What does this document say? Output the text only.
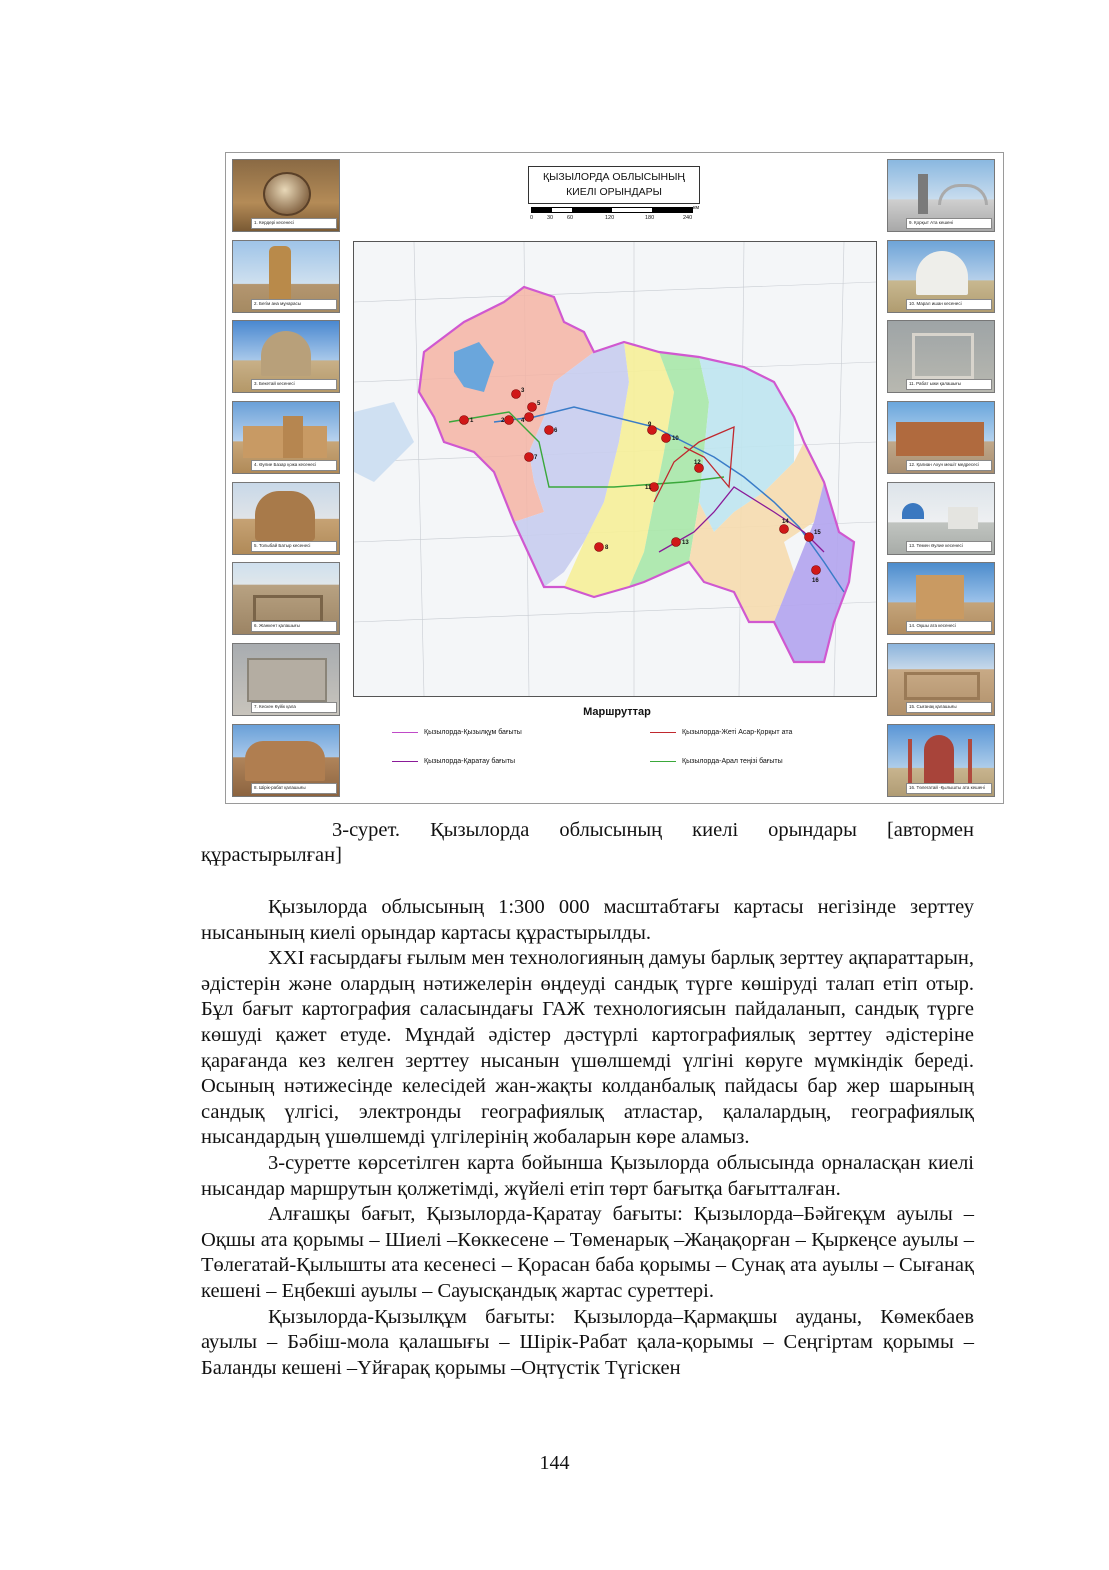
1. Кердері кесенесі
2. Бегім ана мұнарасы
3. Бекетай кесенесі
4. Өулие Базар қожа кесенесі
5. Толыбай Батыр кесенесі
6. Жанкент қалашығы
7. Кескен Күйік қала
8. Шірік-рабат қалашығы
9. Қорқыт Ата кешені
10. Марал ишан кесенесі
11. Рабат ыжи қалашығы
12. Қалиан Ахун мешіт медресесі
13. Темен Әулие кесенесі
14. Оқшы ата кесенесі
15. Сығанақ қалашығы
16. Төлегатай -Қылышты ата кешені
1	2
3
4
5
6
7
8
9
10
11
12
13
14
15
16
ҚЫЗЫЛОРДА ОБЛЫСЫНЫҢ
КИЕЛІ ОРЫНДАРЫ
0	30	60	120	180	240
км
Маршруттар
Қызылорда-Қызылқұм бағыты	Қызылорда-Жеті Асар-Қорқыт ата
Қызылорда-Қаратау бағыты	Қызылорда-Арал теңізі бағыты
3-сурет. Қызылорда облысының киелі орындары [автормен
құрастырылған]

Қызылорда облысының 1:300 000 масштабтағы картасы негізінде зерттеу нысанының киелі орындар картасы құрастырылды.

XXI ғасырдағы ғылым мен технологияның дамуы барлық зерттеу ақпараттарын, әдістерін және олардың нәтижелерін өңдеуді сандық түрге көшіруді талап етіп отыр. Бұл бағыт картография саласындағы ГАЖ технологиясын пайдаланып, сандық түрге көшуді қажет етуде. Мұндай әдістер дәстүрлі картографиялық зерттеу әдістеріне қарағанда кез келген зерттеу нысанын үшөлшемді үлгіні көруге мүмкіндік береді. Осының нәтижесінде келесідей жан-жақты колданбалық пайдасы бар жер шарының сандық үлгісі, электронды географиялық атластар, қалалардың, географиялық нысандардың үшөлшемді үлгілерінің жобаларын көре аламыз.

3-суретте көрсетілген карта бойынша Қызылорда облысында орналасқан киелі нысандар маршрутын қолжетімді, жүйелі етіп төрт бағытқа бағытталған.

Алғашқы бағыт, Қызылорда-Қаратау бағыты: Қызылорда–Бәйгеқұм ауылы –Оқшы ата қорымы – Шиелі –Көккесене – Төменарық –Жаңақорған – Қыркеңсе ауылы –Төлегатай-Қылышты ата кесенесі – Қорасан баба қорымы – Сунақ ата ауылы – Сығанақ кешені – Еңбекші ауылы – Сауысқандық жартас суреттері.

Қызылорда-Қызылқұм бағыты: Қызылорда–Қармақшы ауданы, Көмекбаев ауылы – Бәбіш-мола қалашығы – Шірік-Рабат қала-қорымы – Сеңгіртам қорымы –Баланды кешені –Үйғарақ қорымы –Оңтүстік Түгіскен

144
